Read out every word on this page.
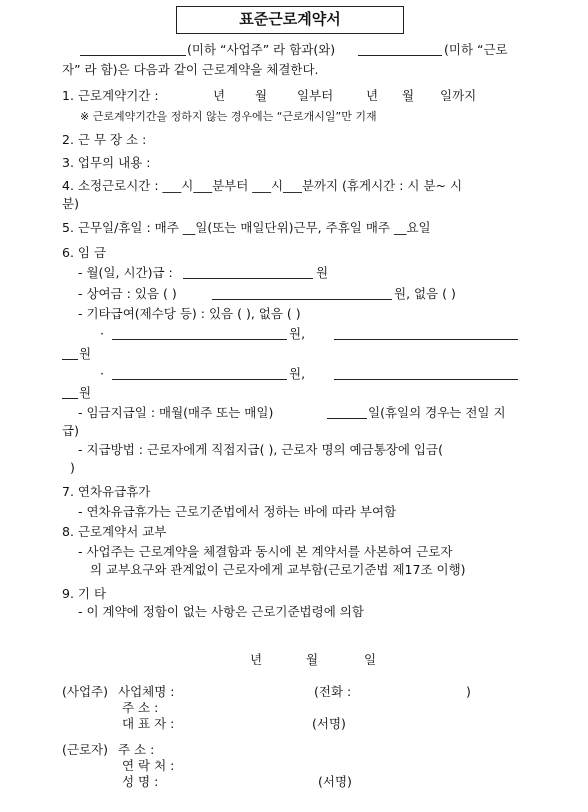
표준근로계약서
(미하 “사업주” 라 함과(와)	(미하 “근로
자” 라 함)은 다음과 같이 근로계약을 체결한다.
1. 근로계약기간 :	년 월 일부터	년 월 일까지
※ 근로계약기간을 정하지 않는 경우에는 “근로개시일”만 기재
2. 근 무 장 소 :
3. 업무의 내용 :
4. 소정근로시간 : ___시___분부터 ___시___분까지 (휴게시간 : 시 분~ 시
분)
5. 근무일/휴일 : 매주 __일(또는 매일단위)근무, 주휴일 매주 __요일
6. 임 금
- 월(일, 시간)급 :	원
- 상여금 : 있음 ( )	원, 없음 ( )
- 기타급여(제수당 등) : 있음 ( ), 없음 ( )
·	원,
원
·	원,
원
- 임금지급일 : 매월(매주 또는 매일)	일(휴일의 경우는 전일 지
급)
- 지급방법 : 근로자에게 직접지급( ), 근로자 명의 예금통장에 입금(
)
7. 연차유급휴가
- 연차유급휴가는 근로기준법에서 정하는 바에 따라 부여함
8. 근로계약서 교부
- 사업주는 근로계약을 체결함과 동시에 본 계약서를 사본하여 근로자
의 교부요구와 관계없이 근로자에게 교부함(근로기준법 제17조 이행)
9. 기 타
- 이 계약에 정함이 없는 사항은 근로기준법령에 의함
년	월	일
(사업주) 사업체명 :	(전화 :	)
주 소 :
대 표 자 :	(서명)
(근로자) 주 소 :
연 락 처 :
성 명 :	(서명)
